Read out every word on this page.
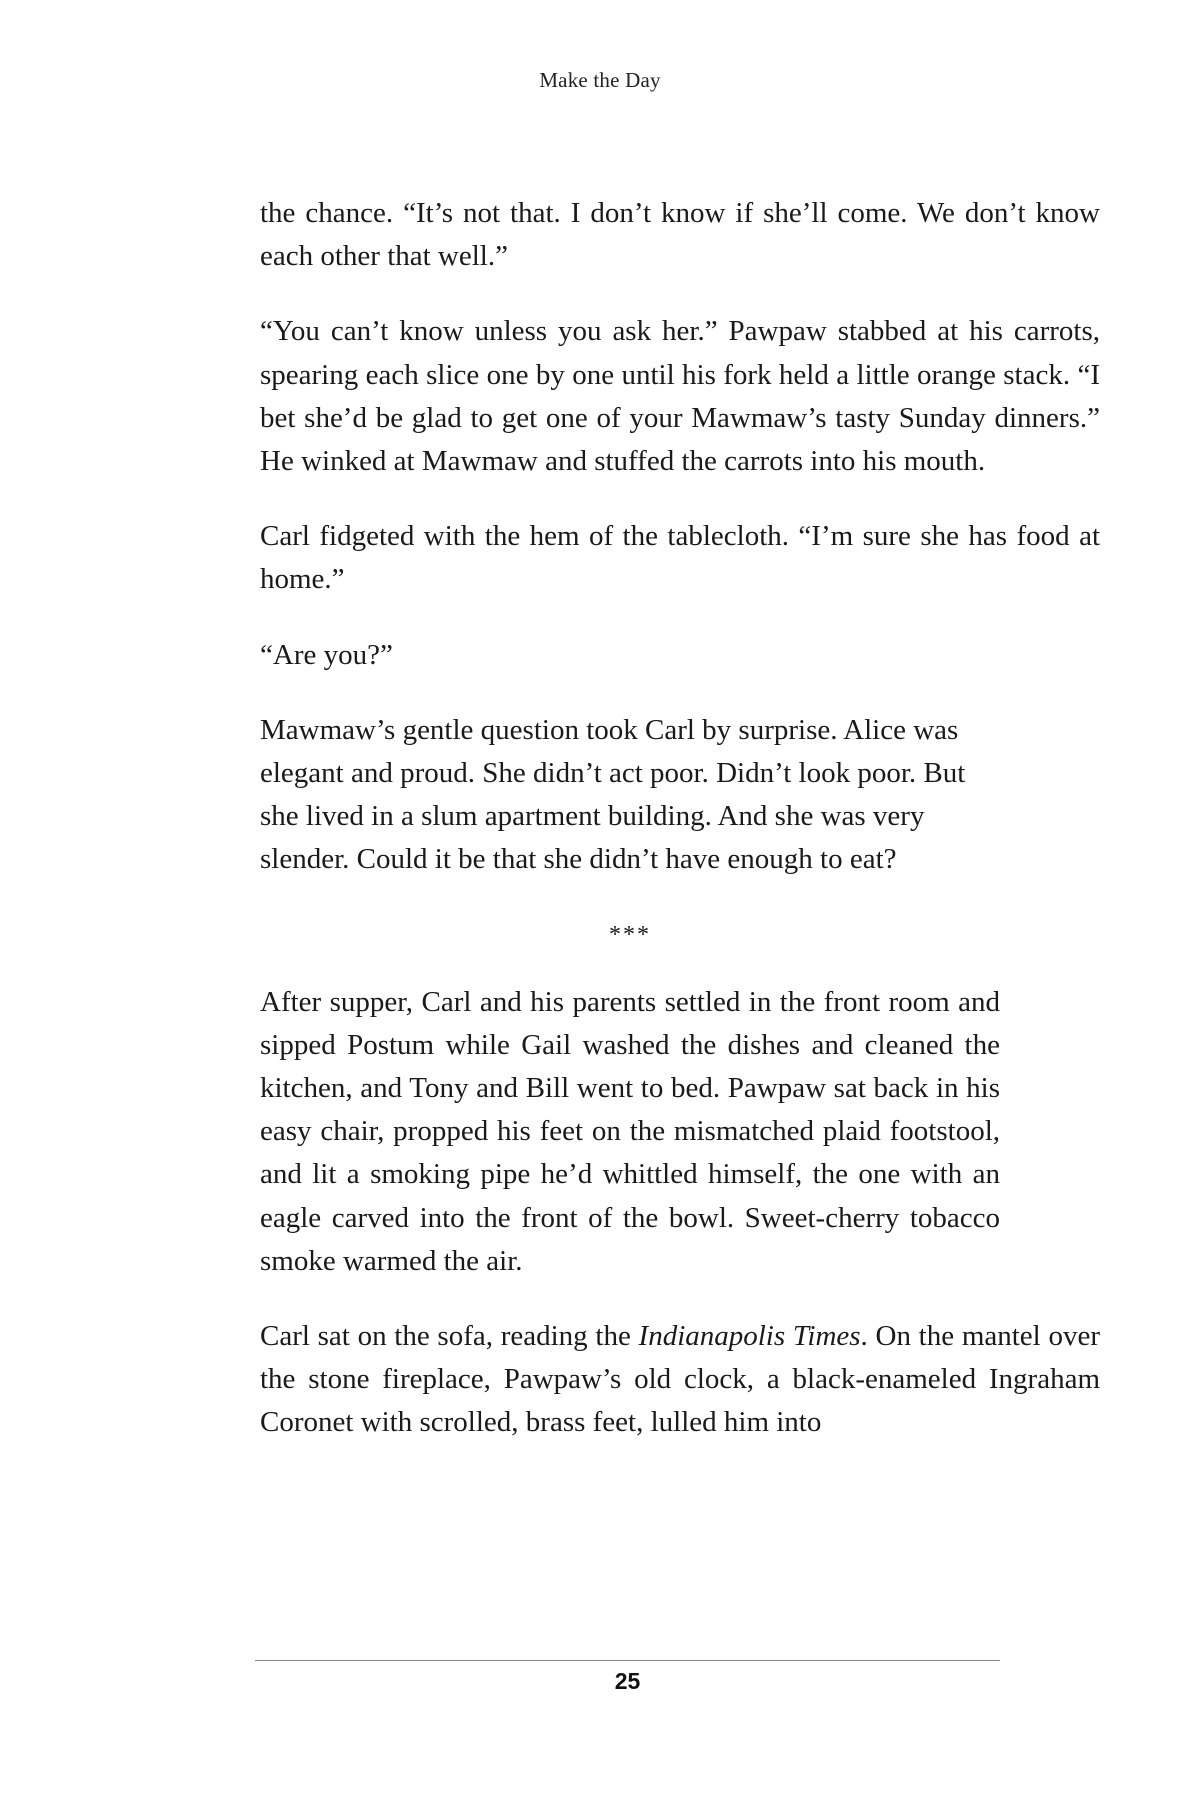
Make the Day

the chance. “It’s not that. I don’t know if she’ll come. We don’t know each other that well.”

“You can’t know unless you ask her.” Pawpaw stabbed at his carrots, spearing each slice one by one until his fork held a little orange stack. “I bet she’d be glad to get one of your Mawmaw’s tasty Sunday dinners.” He winked at Mawmaw and stuffed the carrots into his mouth.

Carl fidgeted with the hem of the tablecloth. “I’m sure she has food at home.”

“Are you?”

Mawmaw’s gentle question took Carl by surprise. Alice was elegant and proud. She didn’t act poor. Didn’t look poor. But she lived in a slum apartment building. And she was very slender. Could it be that she didn’t have enough to eat?

***

After supper, Carl and his parents settled in the front room and sipped Postum while Gail washed the dishes and cleaned the kitchen, and Tony and Bill went to bed. Pawpaw sat back in his easy chair, propped his feet on the mismatched plaid footstool, and lit a smoking pipe he’d whittled himself, the one with an eagle carved into the front of the bowl. Sweet-cherry tobacco smoke warmed the air.

Carl sat on the sofa, reading the Indianapolis Times. On the mantel over the stone fireplace, Pawpaw’s old clock, a black-enameled Ingraham Coronet with scrolled, brass feet, lulled him into

25
